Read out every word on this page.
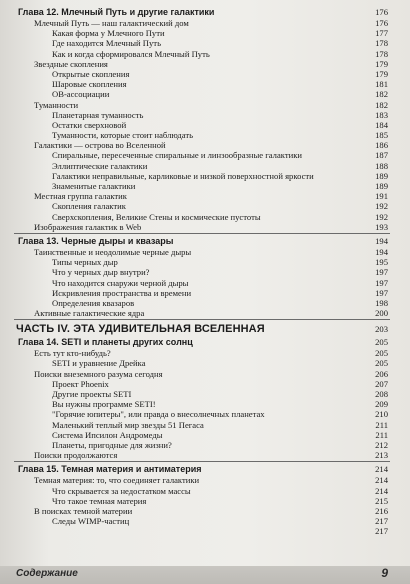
Глава 12. Млечный Путь и другие галактики	176
Млечный Путь — наш галактический дом	176
Какая форма у Млечного Пути	177
Где находится Млечный Путь	178
Как и когда сформировался Млечный Путь	178
Звездные скопления	179
Открытые скопления	179
Шаровые скопления	181
ОВ-ассоциации	182
Туманности	182
Планетарная туманность	183
Остатки сверхновой	184
Туманности, которые стоит наблюдать	185
Галактики — острова во Вселенной	186
Спиральные, пересеченные спиральные и линзообразные галактики	187
Эллиптические галактики	188
Галактики неправильные, карликовые и низкой поверхностной яркости	189
Знаменитые галактики	189
Местная группа галактик	191
Скопления галактик	192
Сверхскопления, Великие Стены и космические пустоты	192
Изображения галактик в Web	193
Глава 13. Черные дыры и квазары	194
Таинственные и неодолимые черные дыры	194
Типы черных дыр	195
Что у черных дыр внутри?	197
Что находится снаружи черной дыры	197
Искривления пространства и времени	197
Определения квазаров	198
Активные галактические ядра	200
ЧАСТЬ IV. ЭТА УДИВИТЕЛЬНАЯ ВСЕЛЕННАЯ	203
Глава 14. SETI и планеты других солнц	205
Есть тут кто-нибудь?	205
SETI и уравнение Дрейка	205
Поиски внеземного разума сегодня	206
Проект Phoenix	207
Другие проекты SETI	208
Вы нужны программе SETI!	209
"Горячие юпитеры", или правда о внесолнечных планетах	210
Маленький теплый мир звезды 51 Пегаса	211
Система Ипсилон Андромеды	211
Планеты, пригодные для жизни?	212
Поиски продолжаются	213
Глава 15. Темная материя и антиматерия	214
Темная материя: то, что соединяет галактики	214
Что скрывается за недостатком массы	214
Что такое темная материя	215
В поисках темной материи	216
Следы WIMP-частиц	217
217
Содержание	9
